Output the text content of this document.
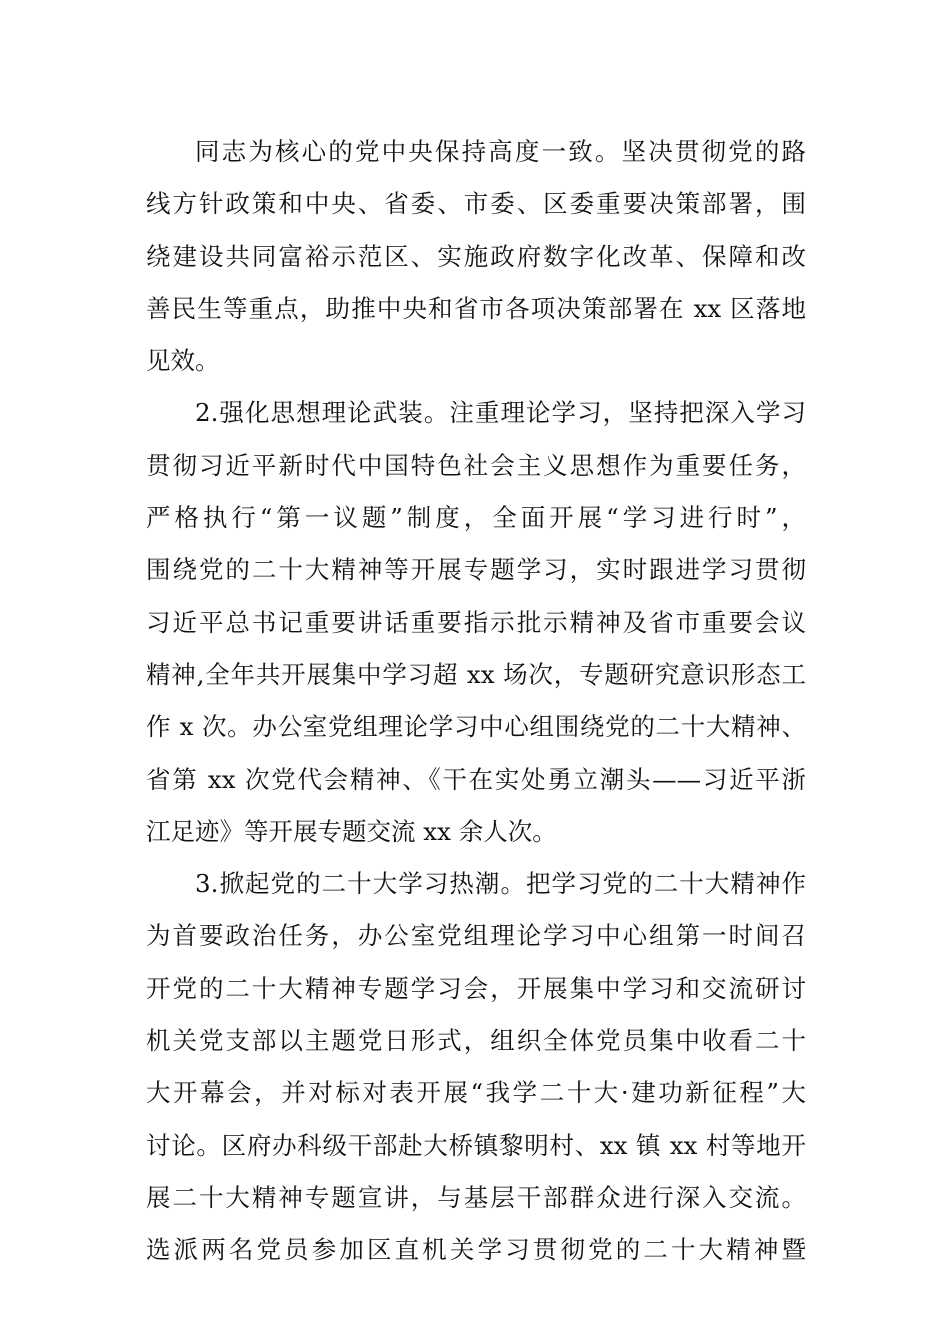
同志为核心的党中央保持高度一致。坚决贯彻党的路
线方针政策和中央、省委、市委、区委重要决策部署，围
绕建设共同富裕示范区、实施政府数字化改革、保障和改
善民生等重点，助推中央和省市各项决策部署在 xx 区落地
见效。
2.强化思想理论武装。注重理论学习，坚持把深入学习
贯彻习近平新时代中国特色社会主义思想作为重要任务，
严格执行“第一议题”制度，全面开展“学习进行时”，
围绕党的二十大精神等开展专题学习，实时跟进学习贯彻
习近平总书记重要讲话重要指示批示精神及省市重要会议
精神,全年共开展集中学习超 xx 场次，专题研究意识形态工
作 x 次。办公室党组理论学习中心组围绕党的二十大精神、
省第 xx 次党代会精神、《干在实处勇立潮头——习近平浙
江足迹》等开展专题交流 xx 余人次。
3.掀起党的二十大学习热潮。把学习党的二十大精神作
为首要政治任务，办公室党组理论学习中心组第一时间召
开党的二十大精神专题学习会，开展集中学习和交流研讨
机关党支部以主题党日形式，组织全体党员集中收看二十
大开幕会，并对标对表开展“我学二十大·建功新征程”大
讨论。区府办科级干部赴大桥镇黎明村、xx 镇 xx 村等地开
展二十大精神专题宣讲，与基层干部群众进行深入交流。
选派两名党员参加区直机关学习贯彻党的二十大精神暨
